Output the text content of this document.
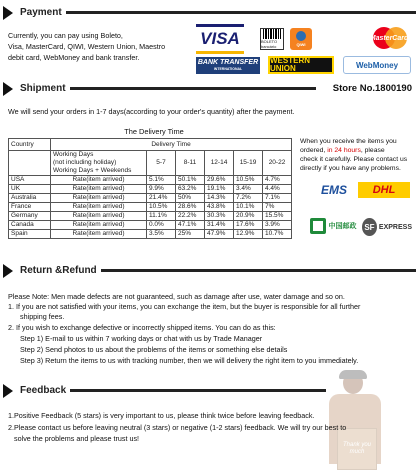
Payment
Currently, you can pay using Boleto,
Visa, MasterCard, QIWI, Western Union, Maestro
debit card, WebMoney and bank transfer.
VISA	BOLETO bancário	QIWI
MasterCard
BANK TRANSFER
INTERNATIONAL
WESTERN UNION	WebMoney
Shipment	Store No.1800190
We will send your orders in 1-7 days(according to your order's quantity) after the payment.
The Delivery Time
Country	Delivery Time					

	Working Days
(not including holiday)
Working Days + Weekends	5-7	8-11	12-14	15-19	20-22
USA	Rate(item arrived)	5.1%	50.1%	29.6%	10.5%	4.7%
UK	Rate(item arrived)	9.9%	63.2%	19.1%	3.4%	4.4%
Australia	Rate(item arrived)	21.4%	50%	14.3%	7.2%	7.1%
France	Rate(item arrived)	10.5%	28.6%	43.8%	10.1%	7%
Germany	Rate(item arrived)	11.1%	22.2%	30.3%	20.9%	15.5%
Canada	Rate(item arrived)	0.0%	47.1%	31.4%	17.6%	3.9%
Spain	Rate(item arrived)	3.5%	25%	47.9%	12.9%	10.7%
When you receive the items you
ordered, in 24 hours, please
check it carefully. Please contact us
directly if you have any problems.
EMS	DHL
中国邮政 SF EXPRESS
Return &Refund
Please Note: Men made defects are not guaranteed, such as damage after use, water damage and so on.
1. If you are not satisfied with your items, you can exchange the item, but the buyer is responsible for all further
shipping fees.
2. If you wish to exchange defective or incorrectly shipped items. You can do as this:
Step 1) E-mail to us within 7 working days or chat with us by Trade Manager
Step 2) Send photos to us about the problems of the items or something else details
Step 3) Return the items to us with tracking number, then we will delivery the right item to you immediately.
Thank you much
Feedback
1.Positive Feedback (5 stars) is very important to us, please think twice before leaving feedback.
2.Please contact us before leaving neutral (3 stars) or negative (1-2 stars) feedback. We will try our best to
solve the problems and please trust us!
